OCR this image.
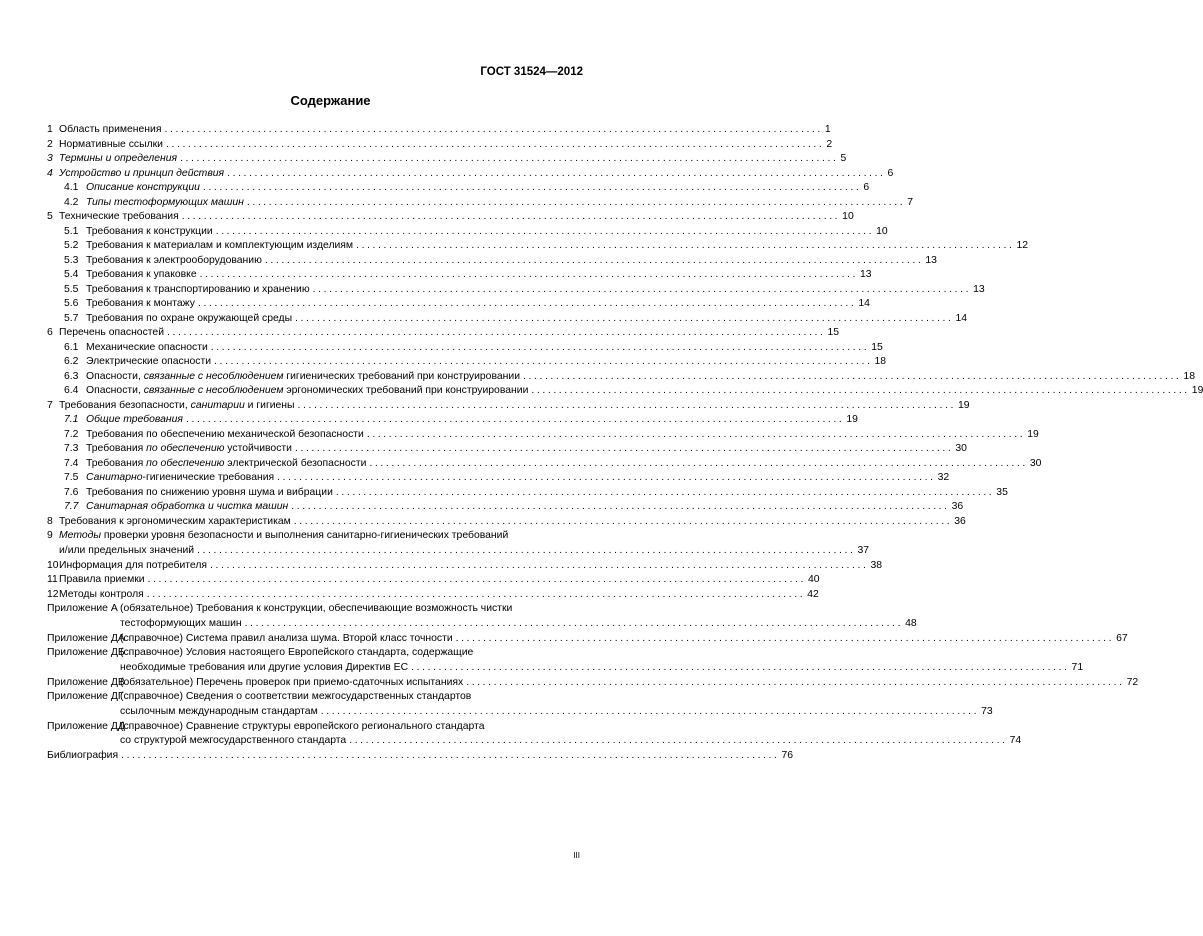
ГОСТ 31524—2012
Содержание
1 Область применения ........................................................................................................................ 1
2 Нормативные ссылки ........................................................................................................................ 2
3 Термины и определения ........................................................................................................................ 5
4 Устройство и принцип действия ........................................................................................................................ 6
4.1 Описание конструкции ........................................................................................................................ 6
4.2 Типы тестоформующих машин ........................................................................................................................ 7
5 Технические требования ........................................................................................................................ 10
5.1 Требования к конструкции ........................................................................................................................ 10
5.2 Требования к материалам и комплектующим изделиям ........................................................................................................................ 12
5.3 Требования к электрооборудованию ........................................................................................................................ 13
5.4 Требования к упаковке ........................................................................................................................ 13
5.5 Требования к транспортированию и хранению ........................................................................................................................ 13
5.6 Требования к монтажу ........................................................................................................................ 14
5.7 Требования по охране окружающей среды ........................................................................................................................ 14
6 Перечень опасностей ........................................................................................................................ 15
6.1 Механические опасности ........................................................................................................................ 15
6.2 Электрические опасности ........................................................................................................................ 18
6.3 Опасности, связанные с несоблюдением гигиенических требований при конструировании ........................................................................................................................ 18
6.4 Опасности, связанные с несоблюдением эргономических требований при конструировании ........................................................................................................................ 19
7 Требования безопасности, санитарии и гигиены ........................................................................................................................ 19
7.1 Общие требования ........................................................................................................................ 19
7.2 Требования по обеспечению механической безопасности ........................................................................................................................ 19
7.3 Требования по обеспечению устойчивости ........................................................................................................................ 30
7.4 Требования по обеспечению электрической безопасности ........................................................................................................................ 30
7.5 Санитарно-гигиенические требования ........................................................................................................................ 32
7.6 Требования по снижению уровня шума и вибрации ........................................................................................................................ 35
7.7 Санитарная обработка и чистка машин ........................................................................................................................ 36
8 Требования к эргономическим характеристикам ........................................................................................................................ 36
9 Методы проверки уровня безопасности и выполнения санитарно-гигиенических требований
и/или предельных значений ........................................................................................................................ 37
10 Информация для потребителя ........................................................................................................................ 38
11 Правила приемки ........................................................................................................................ 40
12 Методы контроля ........................................................................................................................ 42
Приложение А (обязательное) Требования к конструкции, обеспечивающие возможность чистки
тестоформующих машин ........................................................................................................................ 48
Приложение ДА
(справочное) Система правил анализа шума. Второй класс точности ........................................................................................................................ 67
Приложение ДБ
(справочное) Условия настоящего Европейского стандарта, содержащие
необходимые требования или другие условия Директив ЕС ........................................................................................................................ 71
Приложение ДВ
(обязательное) Перечень проверок при приемо-сдаточных испытаниях ........................................................................................................................ 72
Приложение ДГ
(справочное) Сведения о соответствии межгосударственных стандартов
ссылочным международным стандартам ........................................................................................................................ 73
Приложение ДД
(справочное) Сравнение структуры европейского регионального стандарта
со структурой межгосударственного стандарта ........................................................................................................................ 74
Библиография ........................................................................................................................ 76
III
